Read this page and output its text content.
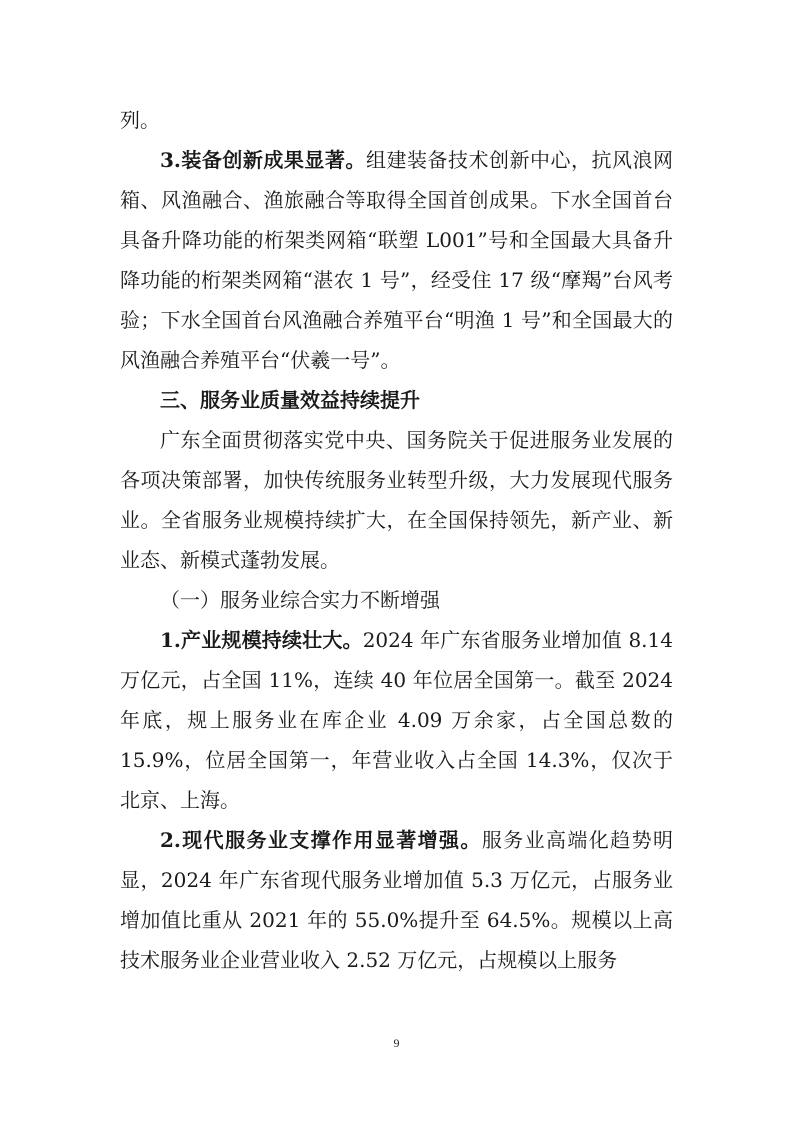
列。

3.装备创新成果显著。组建装备技术创新中心，抗风浪网箱、风渔融合、渔旅融合等取得全国首创成果。下水全国首台具备升降功能的桁架类网箱“联塑 L001”号和全国最大具备升降功能的桁架类网箱“湛农 1 号”，经受住 17 级“摩羯”台风考验；下水全国首台风渔融合养殖平台“明渔 1 号”和全国最大的风渔融合养殖平台“伏羲一号”。

三、服务业质量效益持续提升

广东全面贯彻落实党中央、国务院关于促进服务业发展的各项决策部署，加快传统服务业转型升级，大力发展现代服务业。全省服务业规模持续扩大，在全国保持领先，新产业、新业态、新模式蓬勃发展。

（一）服务业综合实力不断增强

1.产业规模持续壮大。2024 年广东省服务业增加值 8.14 万亿元，占全国 11%，连续 40 年位居全国第一。截至 2024 年底，规上服务业在库企业 4.09 万余家，占全国总数的 15.9%，位居全国第一，年营业收入占全国 14.3%，仅次于北京、上海。

2.现代服务业支撑作用显著增强。服务业高端化趋势明显，2024 年广东省现代服务业增加值 5.3 万亿元，占服务业增加值比重从 2021 年的 55.0%提升至 64.5%。规模以上高技术服务业企业营业收入 2.52 万亿元，占规模以上服务

9
